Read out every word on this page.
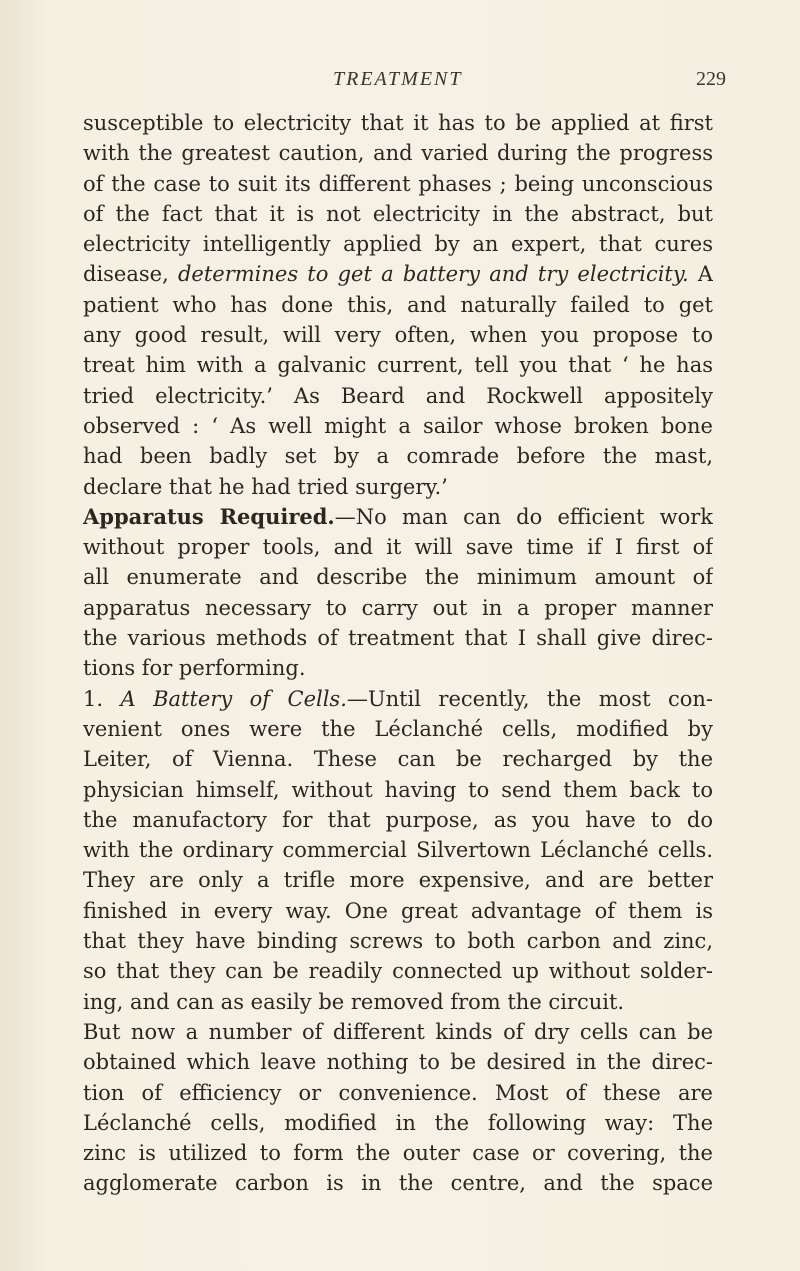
TREATMENT	229
susceptible to electricity that it has to be applied at first
with the greatest caution, and varied during the progress
of the case to suit its different phases ; being unconscious
of the fact that it is not electricity in the abstract, but
electricity intelligently applied by an expert, that cures
disease, determines to get a battery and try electricity. A
patient who has done this, and naturally failed to get
any good result, will very often, when you propose to
treat him with a galvanic current, tell you that ‘ he has
tried electricity.’ As Beard and Rockwell appositely
observed : ‘ As well might a sailor whose broken bone
had been badly set by a comrade before the mast,
declare that he had tried surgery.’
Apparatus Required.—No man can do efficient work
without proper tools, and it will save time if I first of
all enumerate and describe the minimum amount of
apparatus necessary to carry out in a proper manner
the various methods of treatment that I shall give direc-
tions for performing.
1. A Battery of Cells.—Until recently, the most con-
venient ones were the Léclanché cells, modified by
Leiter, of Vienna. These can be recharged by the
physician himself, without having to send them back to
the manufactory for that purpose, as you have to do
with the ordinary commercial Silvertown Léclanché cells.
They are only a trifle more expensive, and are better
finished in every way. One great advantage of them is
that they have binding screws to both carbon and zinc,
so that they can be readily connected up without solder-
ing, and can as easily be removed from the circuit.
But now a number of different kinds of dry cells can be
obtained which leave nothing to be desired in the direc-
tion of efficiency or convenience. Most of these are
Léclanché cells, modified in the following way: The
zinc is utilized to form the outer case or covering, the
agglomerate carbon is in the centre, and the space
